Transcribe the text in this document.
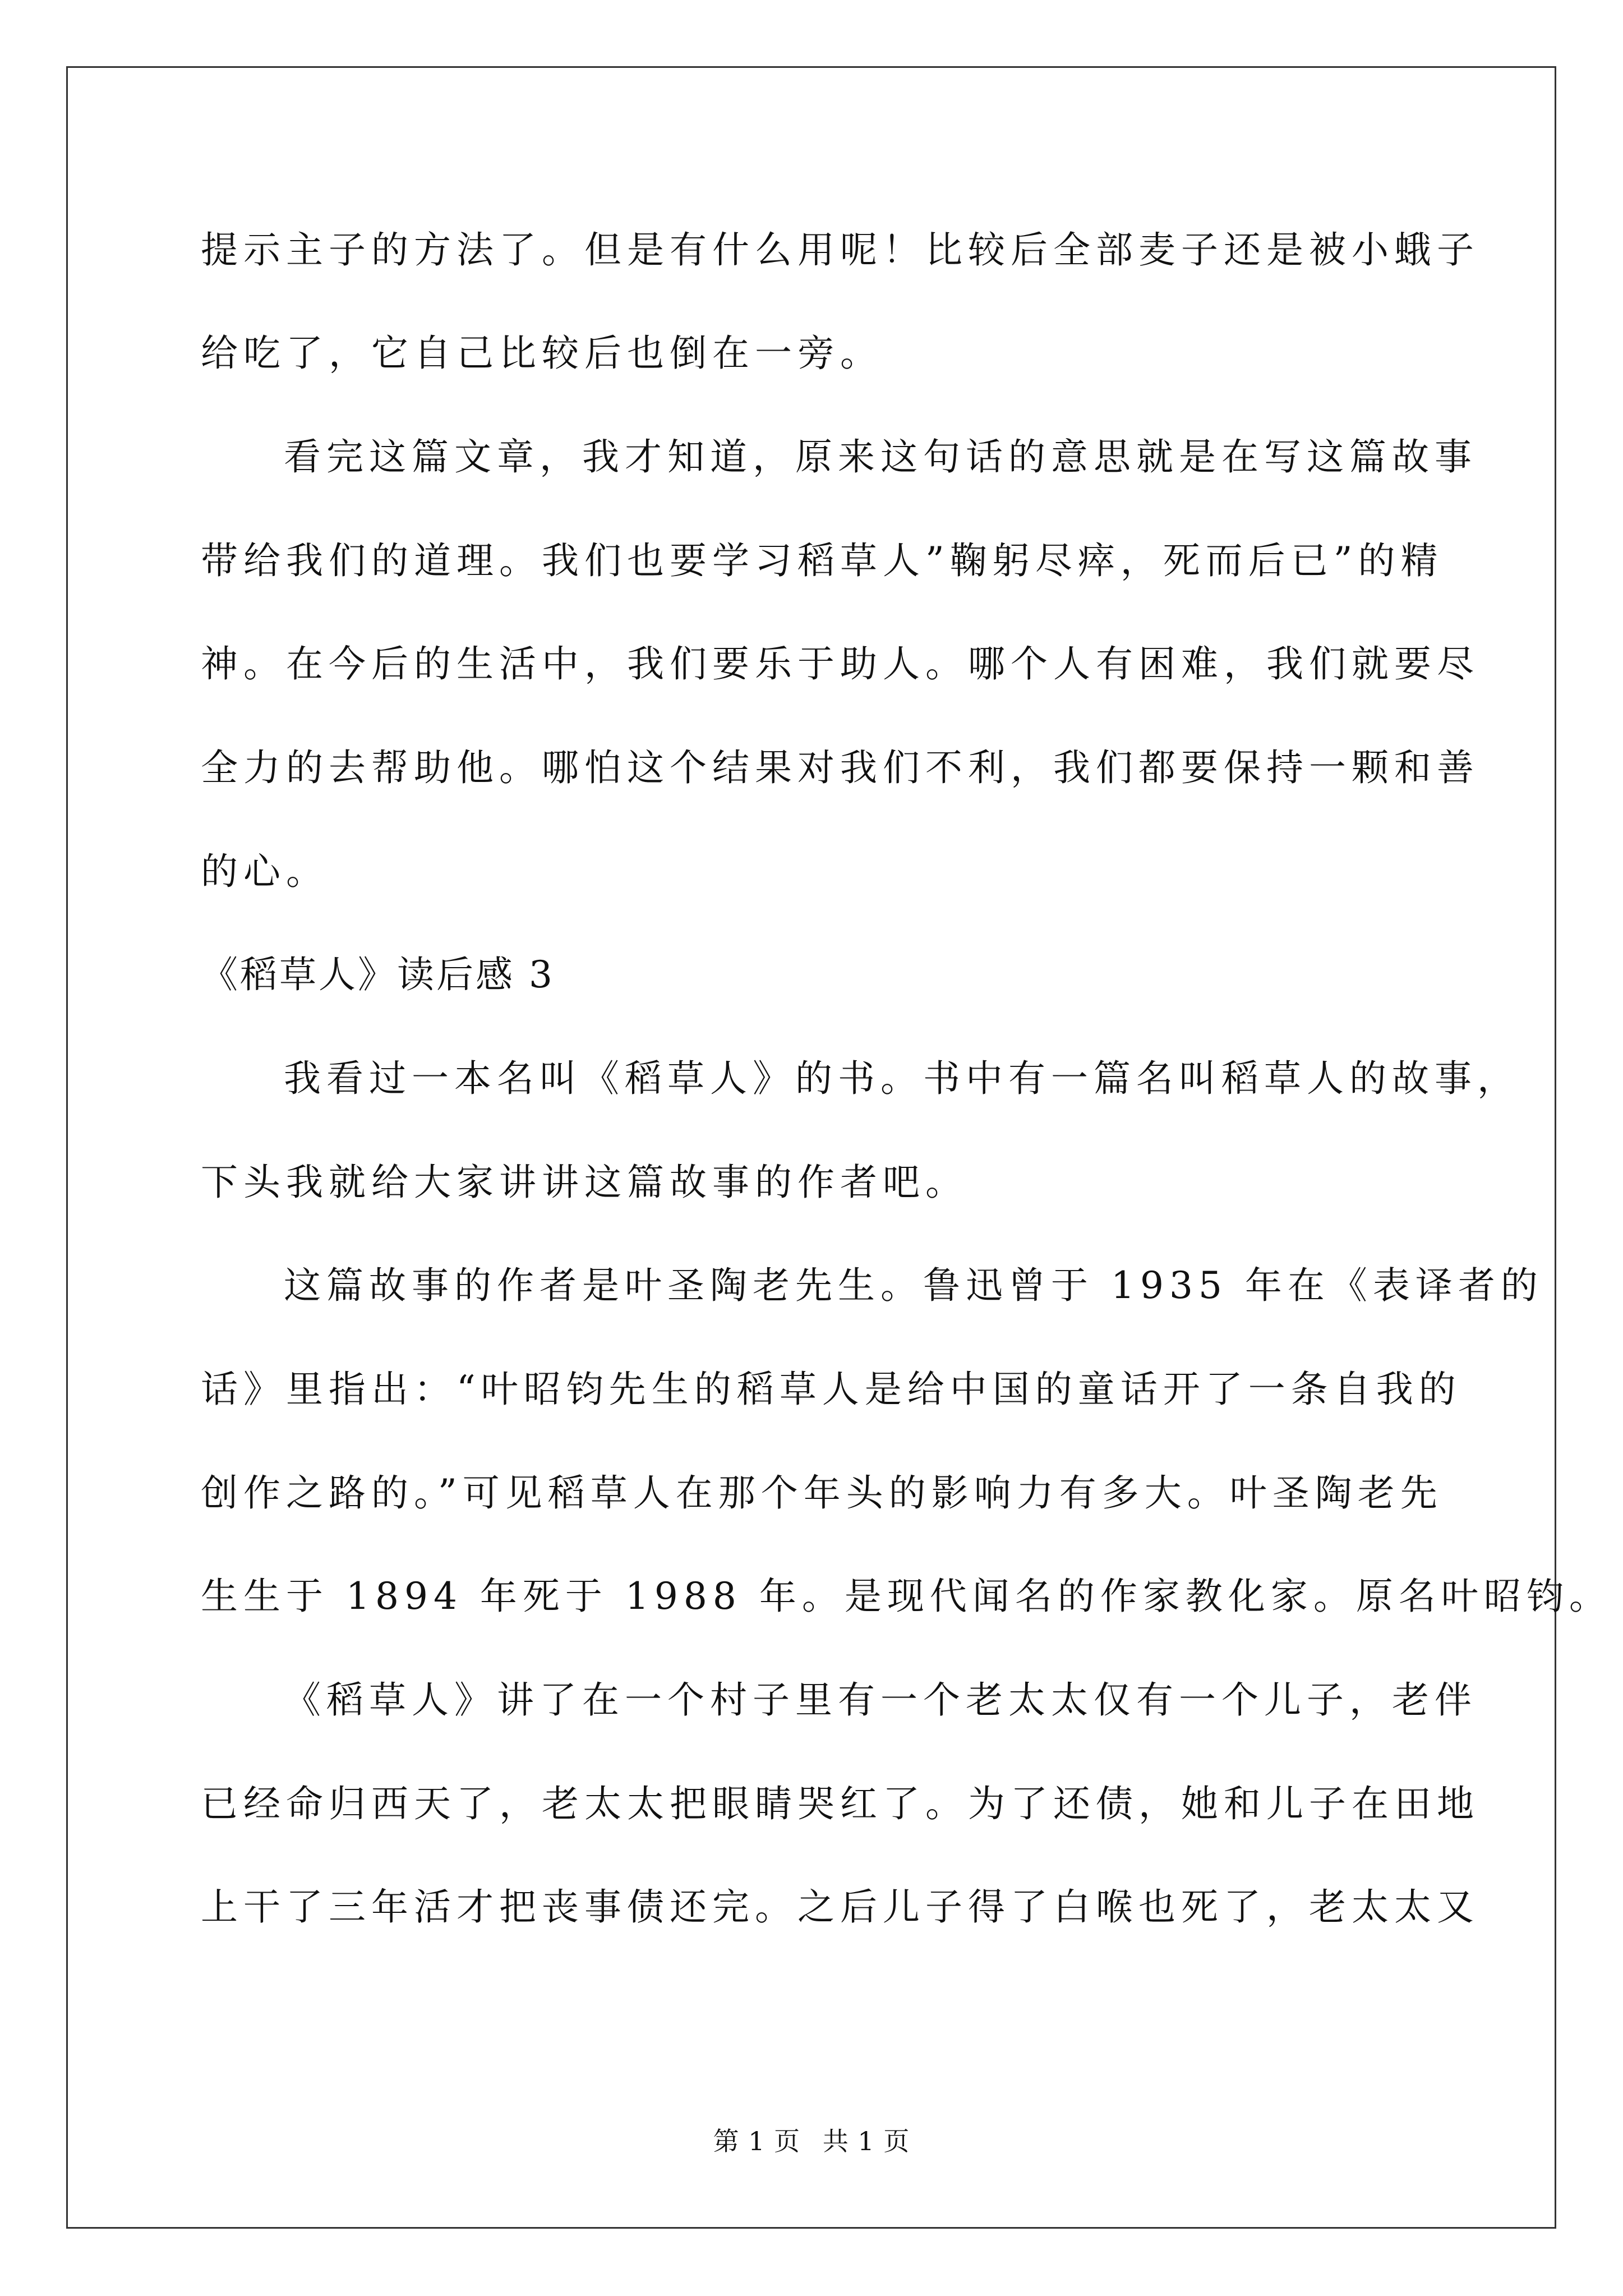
提示主子的方法了。但是有什么用呢！比较后全部麦子还是被小蛾子
给吃了，它自己比较后也倒在一旁。
看完这篇文章，我才知道，原来这句话的意思就是在写这篇故事
带给我们的道理。我们也要学习稻草人”鞠躬尽瘁，死而后已”的精
神。在今后的生活中，我们要乐于助人。哪个人有困难，我们就要尽
全力的去帮助他。哪怕这个结果对我们不利，我们都要保持一颗和善
的心。
《稻草人》读后感 3
我看过一本名叫《稻草人》的书。书中有一篇名叫稻草人的故事，
下头我就给大家讲讲这篇故事的作者吧。
这篇故事的作者是叶圣陶老先生。鲁迅曾于 1935 年在《表译者的
话》里指出：“叶昭钧先生的稻草人是给中国的童话开了一条自我的
创作之路的。”可见稻草人在那个年头的影响力有多大。叶圣陶老先
生生于 1894 年死于 1988 年。是现代闻名的作家教化家。原名叶昭钧。
《稻草人》讲了在一个村子里有一个老太太仅有一个儿子，老伴
已经命归西天了，老太太把眼睛哭红了。为了还债，她和儿子在田地
上干了三年活才把丧事债还完。之后儿子得了白喉也死了，老太太又
第 1 页 共 1 页
